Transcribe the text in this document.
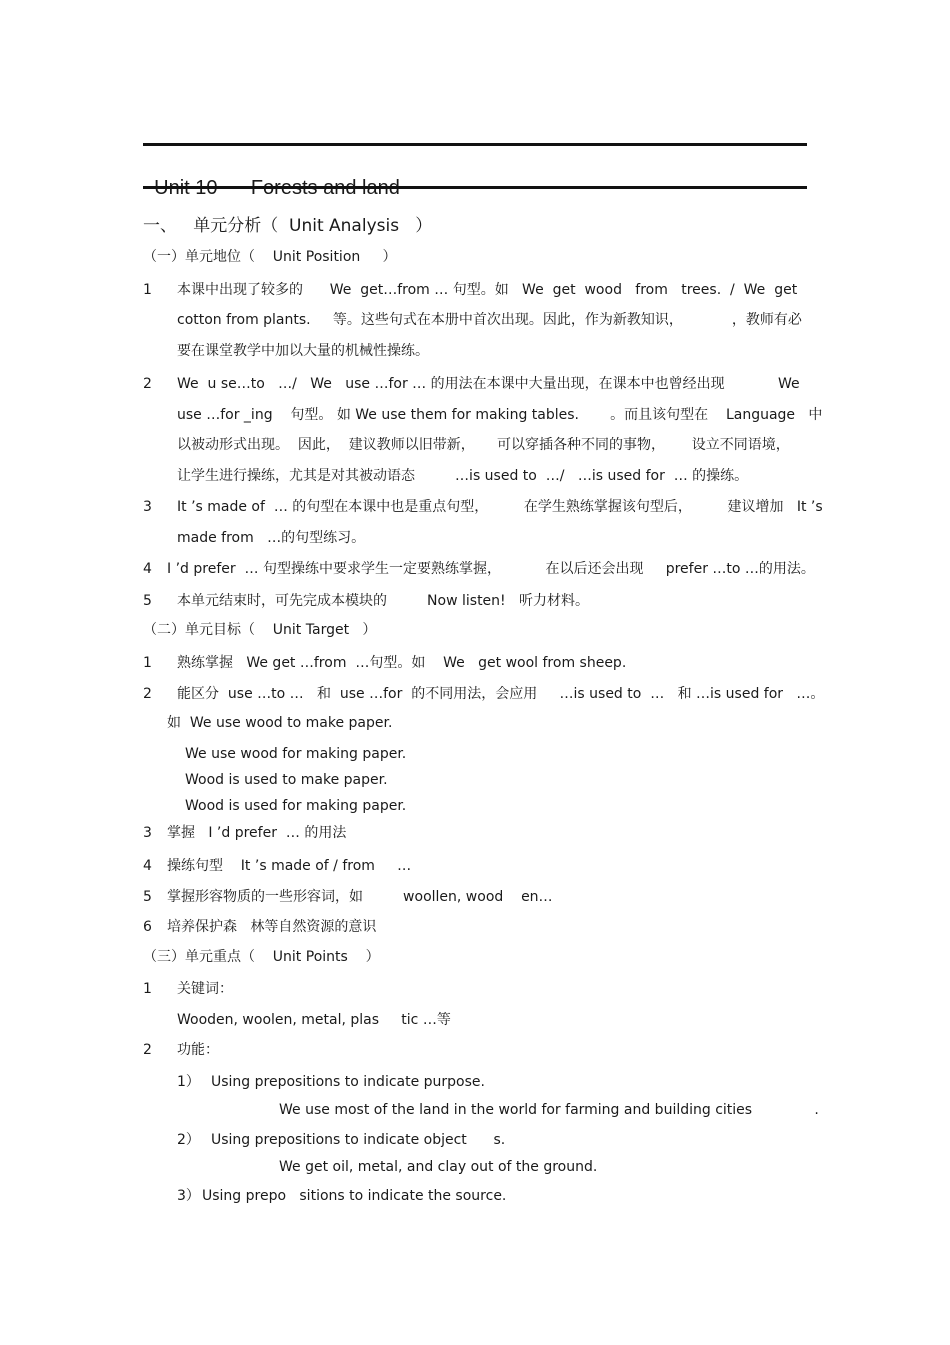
一、   单元分析（  Unit Analysis   ）
（一）单元地位（    Unit Position     ）
1 本课中出现了较多的      We  get…from … 句型。如   We  get  wood   from   trees.  /  We  get
cotton from plants.     等。这些句式在本册中首次出现。因此，作为新教知识，           ，教师有必
要在课堂教学中加以大量的机械性操练。
2 We  u se…to   …/   We   use …for … 的用法在本课中大量出现，在课本中也曾经出现            We
use …for _ing    句型。 如 We use them for making tables.       。而且该句型在    Language   中
以被动形式出现。  因此，  建议教师以旧带新，     可以穿插各种不同的事物，      设立不同语境，
让学生进行操练，尤其是对其被动语态         …is used to  …/   …is used for  … 的操练。
3 It ’s made of  … 的句型在本课中也是重点句型，        在学生熟练掌握该句型后，        建议增加   It ’s
made from   …的句型练习。
4 I ’d prefer  … 句型操练中要求学生一定要熟练掌握，          在以后还会出现     prefer …to …的用法。
5 本单元结束时，可先完成本模块的         Now listen!   听力材料。
（二）单元目标（    Unit Target   ）
1 熟练掌握   We get …from  …句型。如    We   get wool from sheep.
2 能区分  use …to …   和  use …for  的不同用法，会应用     …is used to  …   和 …is used for   …。
如  We use wood to make paper.
We use wood for making paper.
Wood is used to make paper.
Wood is used for making paper.
3 掌握   I ’d prefer  … 的用法
4 操练句型    It ’s made of / from     …
5 掌握形容物质的一些形容词，如         woollen, wood    en…
6 培养保护森   林等自然资源的意识
（三）单元重点（    Unit Points    ）
1 关键词：
Wooden, woolen, metal, plas     tic …等
2 功能：
1） Using prepositions to indicate purpose.
We use most of the land in the world for farming and building cities              .
2） Using prepositions to indicate object      s.
We get oil, metal, and clay out of the ground.
3） Using prepo   sitions to indicate the source.
